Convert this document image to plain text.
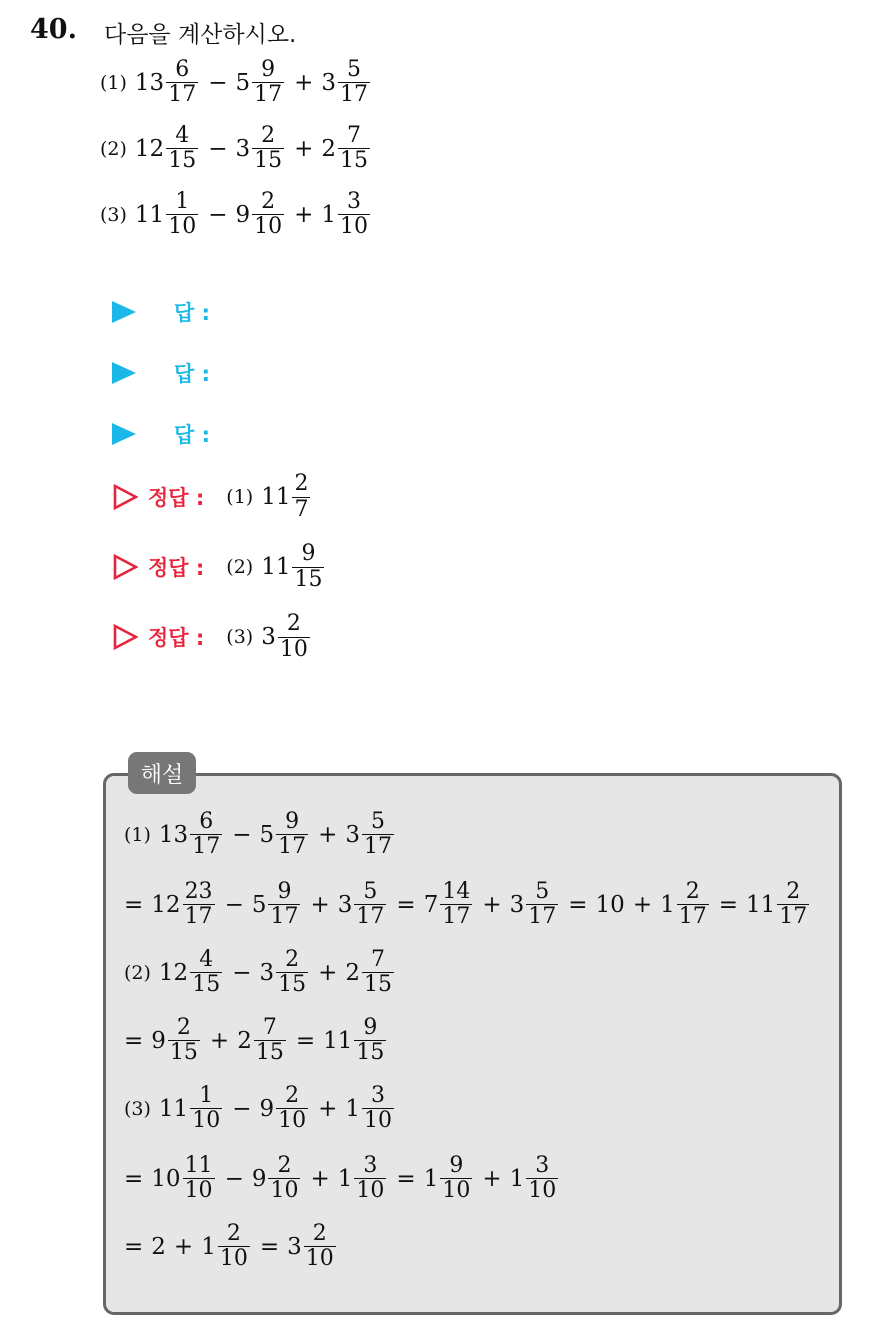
40. 다음을 계산하시오.
(1) $13 \frac{6}{17} - 5 \frac{9}{17} + 3 \frac{5}{17}$
(2) $12 \frac{4}{15} - 3 \frac{2}{15} + 2 \frac{7}{15}$
(3) $11 \frac{1}{10} - 9 \frac{2}{10} + 1 \frac{3}{10}$
답 :
답 :
답 :
정답 : (1) $11 \frac{2}{7}$
정답 : (2) $11 \frac{9}{15}$
정답 : (3) $3 \frac{2}{10}$
해설
(1) $13 \frac{6}{17} - 5 \frac{9}{17} + 3 \frac{5}{17}$
= $12 \frac{23}{17} - 5 \frac{9}{17} + 3 \frac{5}{17} = 7 \frac{14}{17} + 3 \frac{5}{17} = 10 + 1 \frac{2}{17} = 11 \frac{2}{17}$
(2) $12 \frac{4}{15} - 3 \frac{2}{15} + 2 \frac{7}{15}$
= $9 \frac{2}{15} + 2 \frac{7}{15} = 11 \frac{9}{15}$
(3) $11 \frac{1}{10} - 9 \frac{2}{10} + 1 \frac{3}{10}$
= $10 \frac{11}{10} - 9 \frac{2}{10} + 1 \frac{3}{10} = 1 \frac{9}{10} + 1 \frac{3}{10}$
= $2 + 1 \frac{2}{10} = 3 \frac{2}{10}$
